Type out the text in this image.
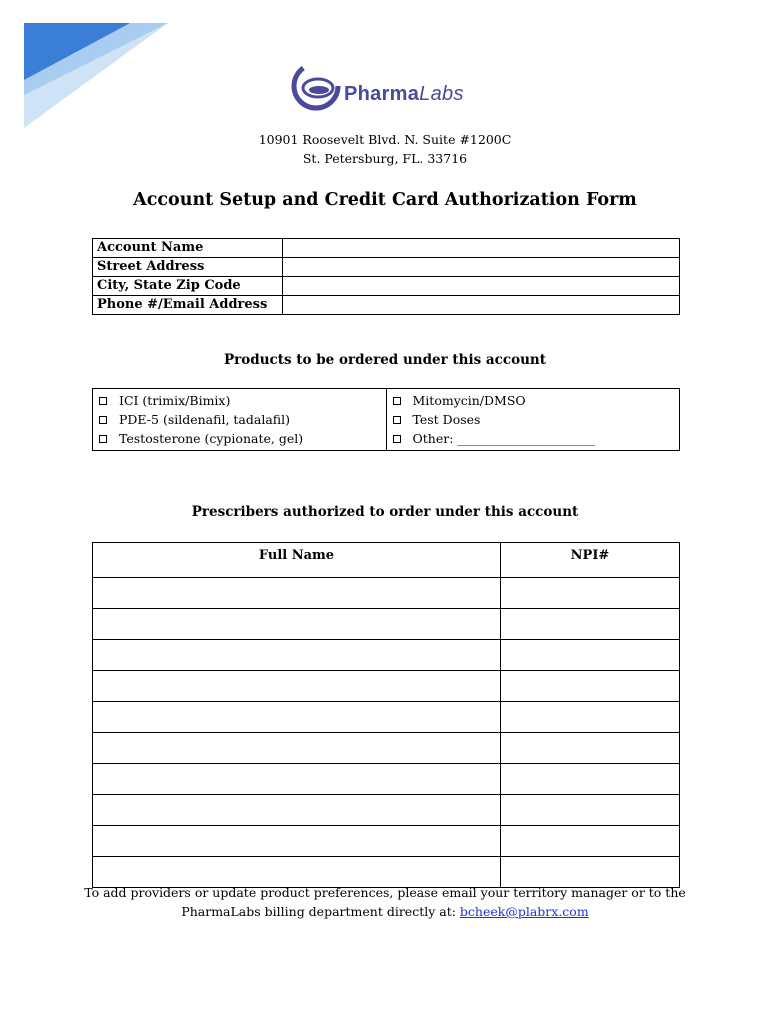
PharmaLabs
10901 Roosevelt Blvd. N. Suite #1200C
St. Petersburg, FL. 33716
Account Setup and Credit Card Authorization Form
Account Name	
Street Address	
City, State Zip Code	
Phone #/Email Address	
Products to be ordered under this account
ICI (trimix/Bimix)
PDE-5 (sildenafil, tadalafil)
Testosterone (cypionate, gel)

Mitomycin/DMSO
Test Doses
Other: ______________________
Prescribers authorized to order under this account
Full Name	NPI#

To add providers or update product preferences, please email your territory manager or to the
PharmaLabs billing department directly at: bcheek@plabrx.com
